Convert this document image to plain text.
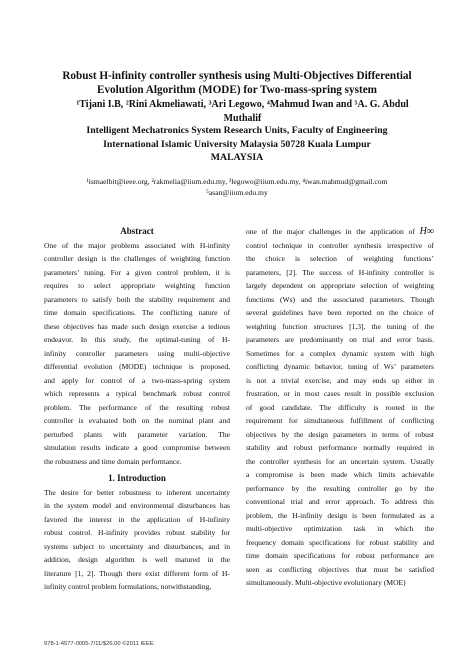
Robust H-infinity controller synthesis using Multi-Objectives Differential
Evolution Algorithm (MODE) for Two-mass-spring system
¹Tijani I.B, ²Rini Akmeliawati, ³Ari Legowo, ⁴Mahmud Iwan and ⁵A. G. Abdul
Muthalif
Intelligent Mechatronics System Research Units, Faculty of Engineering
International Islamic University Malaysia 50728 Kuala Lumpur
MALAYSIA
¹ismaelbit@ieee.org, ²rakmelia@iium.edu.my, ³legowo@iium.edu.my, ⁴iwan.mahmud@gmail.com
⁵asan@iium.edu.my
Abstract
One of the major problems associated with H-infinity
controller design is the challenges of weighting function
parameters’ tuning. For a given control problem, it is
requires to select appropriate weighting function
parameters to satisfy both the stability requirement and
time domain specifications. The conflicting nature of
these objectives has made such design exercise a tedious
endeavor. In this study, the optimal-tuning of H-
infinity controller parameters using multi-objective
differential evolution (MODE) technique is proposed,
and apply for control of a two-mass-spring system
which represents a typical benchmark robust control
problem. The performance of the resulting robust
controller is evaluated both on the nominal plant and
perturbed plants with parameter variation. The
simulation results indicate a good compromise between
the robustness and time domain performance.
1. Introduction
The desire for better robustness to inherent uncertainty
in the system model and environmental disturbances has
favored the interest in the application of H-infinity
robust control. H-infinity provides robust stability for
systems subject to uncertainty and disturbances, and in
addition, design algorithm is well matured in the
literature [1, 2]. Though there exist different form of H-
infinity control problem formulations, notwithstanding,
one of the major challenges in the application of H∞
control technique in controller synthesis irrespective of
the choice is selection of weighting functions’
parameters, [2]. The success of H-infinity controller is
largely dependent on appropriate selection of weighting
functions (Ws) and the associated parameters. Though
several guidelines have been reported on the choice of
weighting function structures [1,3], the tuning of the
parameters are predominantly on trial and error basis.
Sometimes for a complex dynamic system with high
conflicting dynamic behavior, tuning of Ws’ parameters
is not a trivial exercise, and may ends up either in
frustration, or in most cases result in possible exclusion
of good candidate. The difficulty is rooted in the
requirement for simultaneous fulfillment of conflicting
objectives by the design parameters in terms of robust
stability and robust performance normally required in
the controller synthesis for an uncertain system. Usually
a compromise is been made which limits achievable
performance by the resulting controller go by the
conventional trial and error approach. To address this
problem, the H-infinity design is been formulated as a
multi-objective optimization task in which the
frequency domain specifications for robust stability and
time domain specifications for robust performance are
seen as conflicting objectives that must be satisfied
simultaneously. Multi-objective evolutionary (MOE)
978-1-4577-0005-7/11/$26.00 ©2011 IEEE
